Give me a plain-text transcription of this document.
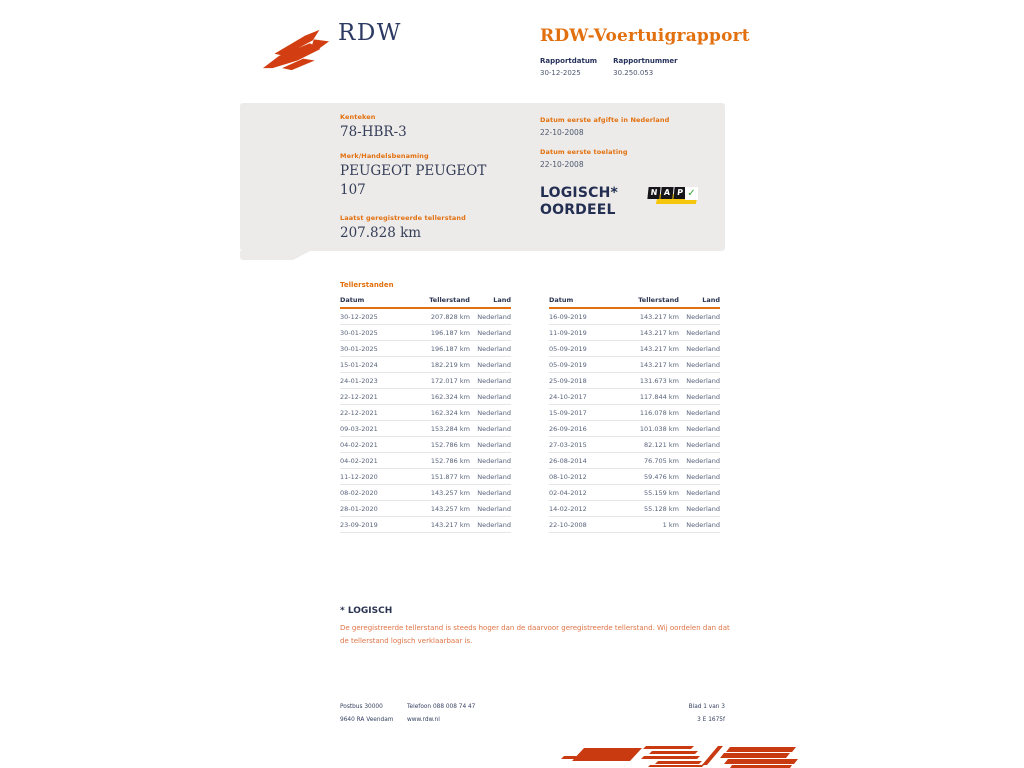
RDW	RDW-Voertuigrapport
Rapportdatum
30-12-2025
Rapportnummer
30.250.053
Kenteken
78-HBR-3
Merk/Handelsbenaming
PEUGEOT PEUGEOT 107
Laatst geregistreerde tellerstand
207.828 km
Datum eerste afgifte in Nederland
22-10-2008
Datum eerste toelating
22-10-2008
LOGISCH*
OORDEEL
N A P ✓
Tellerstanden
Datum	Tellerstand	Land
30-12-2025	207.828 km	Nederland
30-01-2025	196.187 km	Nederland
30-01-2025	196.187 km	Nederland
15-01-2024	182.219 km	Nederland
24-01-2023	172.017 km	Nederland
22-12-2021	162.324 km	Nederland
22-12-2021	162.324 km	Nederland
09-03-2021	153.284 km	Nederland
04-02-2021	152.786 km	Nederland
04-02-2021	152.786 km	Nederland
11-12-2020	151.877 km	Nederland
08-02-2020	143.257 km	Nederland
28-01-2020	143.257 km	Nederland
23-09-2019	143.217 km	Nederland
Datum	Tellerstand	Land
16-09-2019	143.217 km	Nederland
11-09-2019	143.217 km	Nederland
05-09-2019	143.217 km	Nederland
05-09-2019	143.217 km	Nederland
25-09-2018	131.673 km	Nederland
24-10-2017	117.844 km	Nederland
15-09-2017	116.078 km	Nederland
26-09-2016	101.038 km	Nederland
27-03-2015	82.121 km	Nederland
26-08-2014	76.705 km	Nederland
08-10-2012	59.476 km	Nederland
02-04-2012	55.159 km	Nederland
14-02-2012	55.128 km	Nederland
22-10-2008	1 km	Nederland
* LOGISCH
De geregistreerde tellerstand is steeds hoger dan de daarvoor geregistreerde tellerstand. Wij oordelen dan dat de tellerstand logisch verklaarbaar is.
Postbus 30000
9640 RA Veendam
Telefoon 088 008 74 47
www.rdw.nl
Blad 1 van 3
3 E 1675f
